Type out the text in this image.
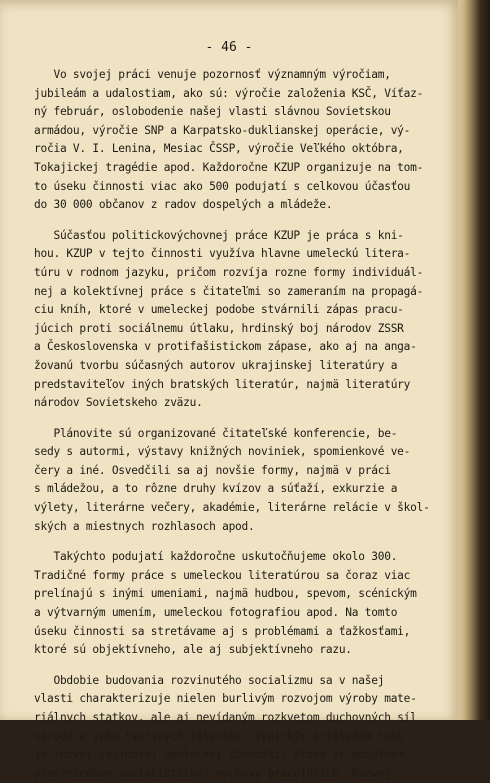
- 46 -
Vo svojej práci venuje pozornosť významným výročiam,
jubileám a udalostiam, ako sú: výročie založenia KSČ, Víťaz-
ný február, oslobodenie našej vlasti slávnou Sovietskou
armádou, výročie SNP a Karpatsko-duklianskej operácie, vý-
ročia V. I. Lenina, Mesiac ČSSP, výročie Veľkého októbra,
Tokajickej tragédie apod. Každoročne KZUP organizuje na tom-
to úseku činnosti viac ako 500 podujatí s celkovou účasťou
do 30 000 občanov z radov dospelých a mládeže.
Súčasťou politickovýchovnej práce KZUP je práca s kni-
hou. KZUP v tejto činnosti využíva hlavne umeleckú litera-
túru v rodnom jazyku, pričom rozvíja rozne formy individuál-
nej a kolektívnej práce s čitateľmi so zameraním na propagá-
ciu kníh, ktoré v umeleckej podobe stvárnili zápas pracu-
júcich proti sociálnemu útlaku, hrdinský boj národov ZSSR
a Československa v protifašistickom zápase, ako aj na anga-
žovanú tvorbu súčasných autorov ukrajinskej literatúry a
predstaviteľov iných bratských literatúr, najmä literatúry
národov Sovietskeho zväzu.
Plánovite sú organizované čitateľské konferencie, be-
sedy s autormi, výstavy knižných noviniek, spomienkové ve-
čery a iné. Osvedčili sa aj novšie formy, najmä v práci
s mládežou, a to rôzne druhy kvízov a súťaží, exkurzie a
výlety, literárne večery, akadémie, literárne relácie v škol-
ských a miestnych rozhlasoch apod.
Takýchto podujatí každoročne uskutočňujeme okolo 300.
Tradičné formy práce s umeleckou literatúrou sa čoraz viac
prelínajú s inými umeniami, najmä hudbou, spevom, scénickým
a výtvarným umením, umeleckou fotografiou apod. Na tomto
úseku činnosti sa stretávame aj s problémami a ťažkosťami,
ktoré sú objektívneho, ale aj subjektívneho razu.
Obdobie budovania rozvinutého socializmu sa v našej
vlasti charakterizuje nielen burlivým rozvojom výroby mate-
riálnych statkov, ale aj nevídaným rozkvetom duchovných síl
národa a jeho tvorivých talentov. Typickým príkladom toho
je rozvoj záujmovej umeleckej činnosti, ktorá je mohutným
prostriedkom socialistickej výchovy pracujúcich. Rozvoj
